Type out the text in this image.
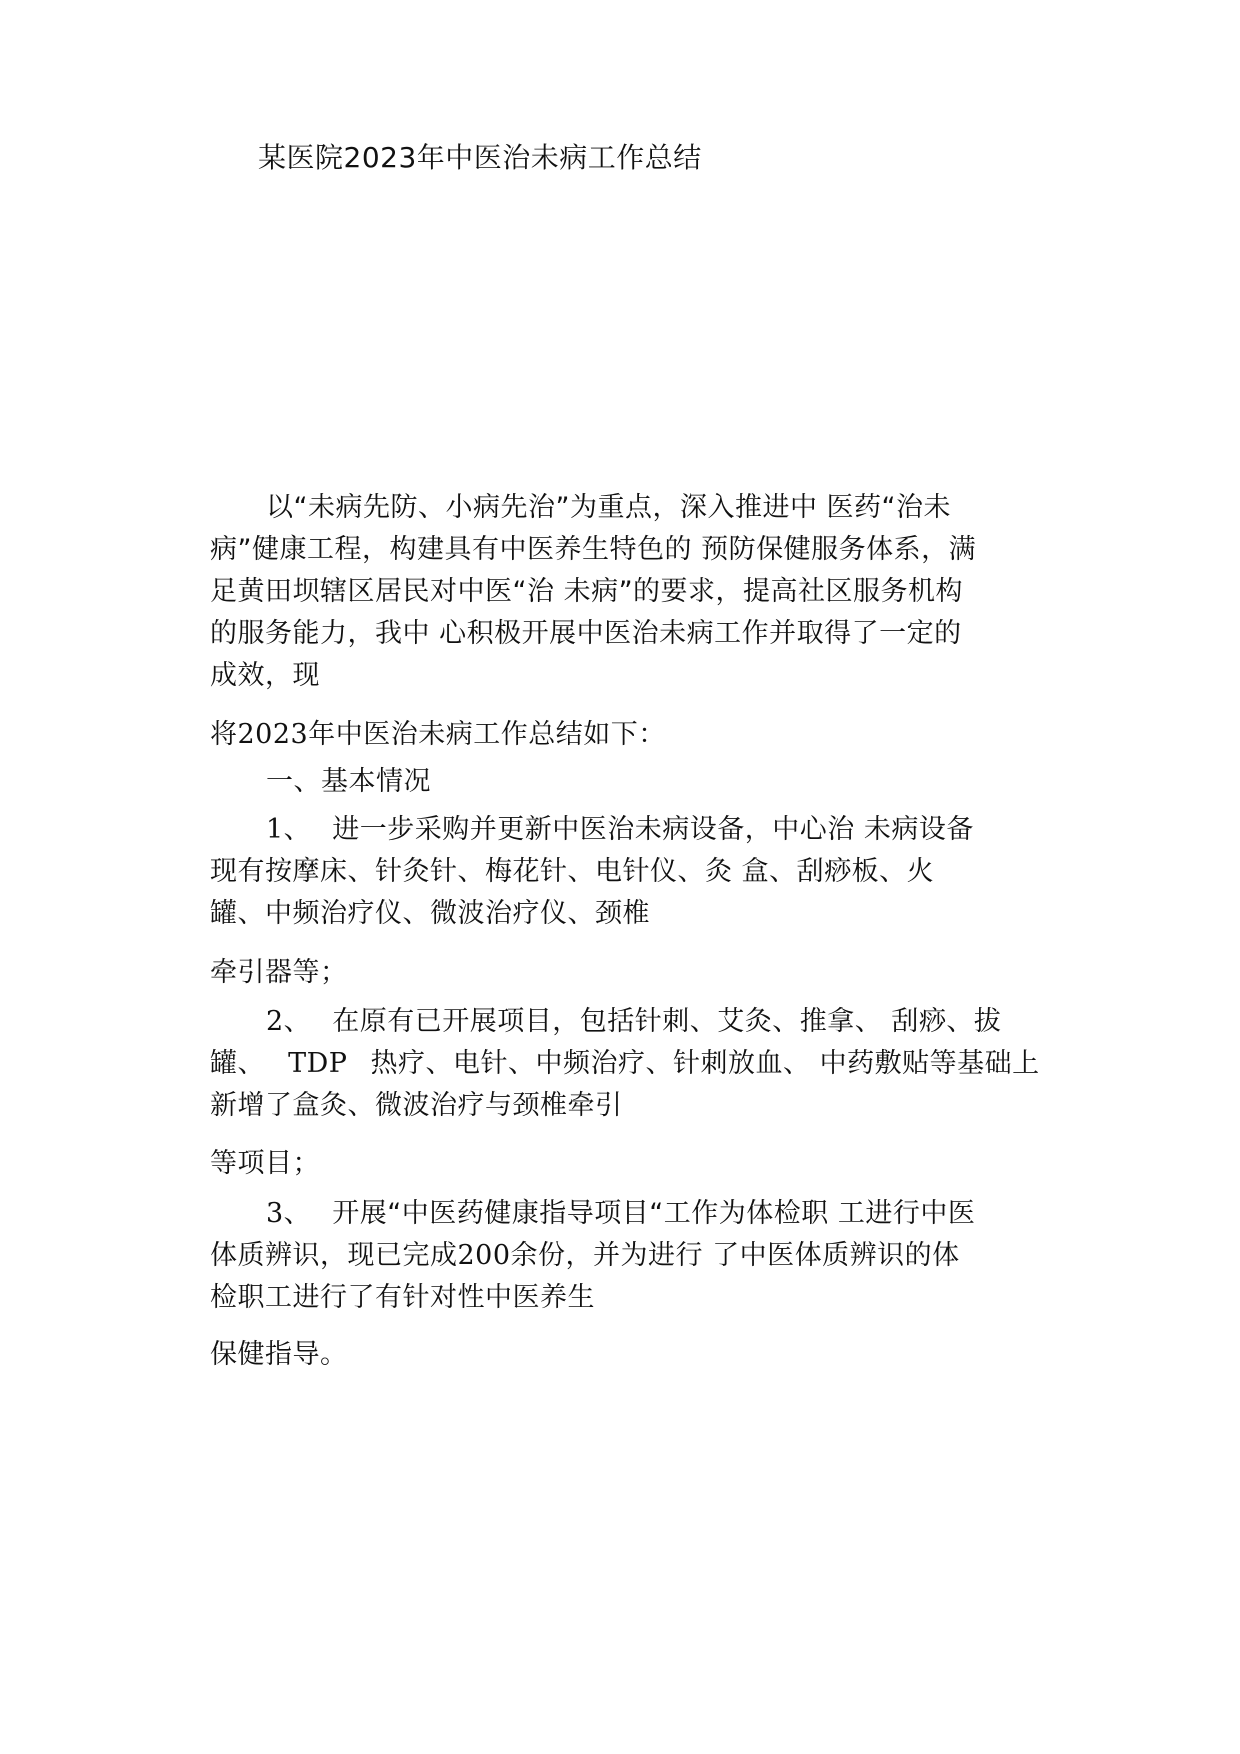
某医院2023年中医治未病工作总结

以“未病先防、小病先治”为重点，深入推进中 医药“治未

病”健康工程，构建具有中医养生特色的 预防保健服务体系，满

足黄田坝辖区居民对中医“治 未病”的要求，提高社区服务机构

的服务能力，我中 心积极开展中医治未病工作并取得了一定的

成效，现

将2023年中医治未病工作总结如下：

一、基本情况

1、 进一步采购并更新中医治未病设备，中心治 未病设备

现有按摩床、针灸针、梅花针、电针仪、灸 盒、刮痧板、火

罐、中频治疗仪、微波治疗仪、颈椎

牵引器等；

2、 在原有已开展项目，包括针刺、艾灸、推拿、 刮痧、拔

罐、 TDP 热疗、电针、中频治疗、针刺放血、 中药敷贴等基础上

新增了盒灸、微波治疗与颈椎牵引

等项目；

3、 开展“中医药健康指导项目“工作为体检职 工进行中医

体质辨识，现已完成200余份，并为进行 了中医体质辨识的体

检职工进行了有针对性中医养生

保健指导。
